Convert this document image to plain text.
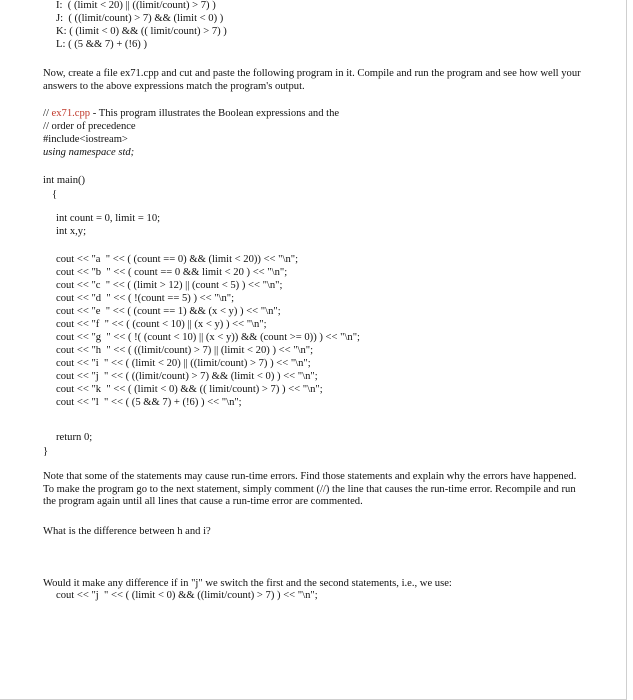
I:  ( (limit < 20) || ((limit/count) > 7) )
J:  ( ((limit/count) > 7) && (limit < 0) )
K: ( (limit < 0) && (( limit/count) > 7) )
L: ( (5 && 7) + (!6) )
Now, create a file ex71.cpp and cut and paste the following program in it. Compile and run the program and see how well your answers to the above expressions match the program's output.
// ex71.cpp - This program illustrates the Boolean expressions and the
// order of precedence
#include<iostream>
using namespace std;
int main()
{
int count = 0, limit = 10;
int x,y;
cout << "a  " << ( (count == 0) && (limit < 20)) << "\n";
cout << "b  " << ( count == 0 && limit < 20 ) << "\n";
cout << "c  " << ( (limit > 12) || (count < 5) ) << "\n";
cout << "d  " << ( !(count == 5) ) << "\n";
cout << "e  " << ( (count == 1) && (x < y) ) << "\n";
cout << "f  " << ( (count < 10) || (x < y) ) << "\n";
cout << "g  " << ( !( (count < 10) || (x < y)) && (count >= 0)) ) << "\n";
cout << "h  " << ( ((limit/count) > 7) || (limit < 20) ) << "\n";
cout << "i  " << ( (limit < 20) || ((limit/count) > 7) ) << "\n";
cout << "j  " << ( ((limit/count) > 7) && (limit < 0) ) << "\n";
cout << "k  " << ( (limit < 0) && (( limit/count) > 7) ) << "\n";
cout << "l  " << ( (5 && 7) + (!6) ) << "\n";
return 0;
}
Note that some of the statements may cause run-time errors. Find those statements and explain why the errors have happened. To make the program go to the next statement, simply comment (//) the line that causes the run-time error. Recompile and run the program again until all lines that cause a run-time error are commented.
What is the difference between h and i?
Would it make any difference if in "j" we switch the first and the second statements, i.e., we use:
cout << "j  " << ( (limit < 0) && ((limit/count) > 7) ) << "\n";
